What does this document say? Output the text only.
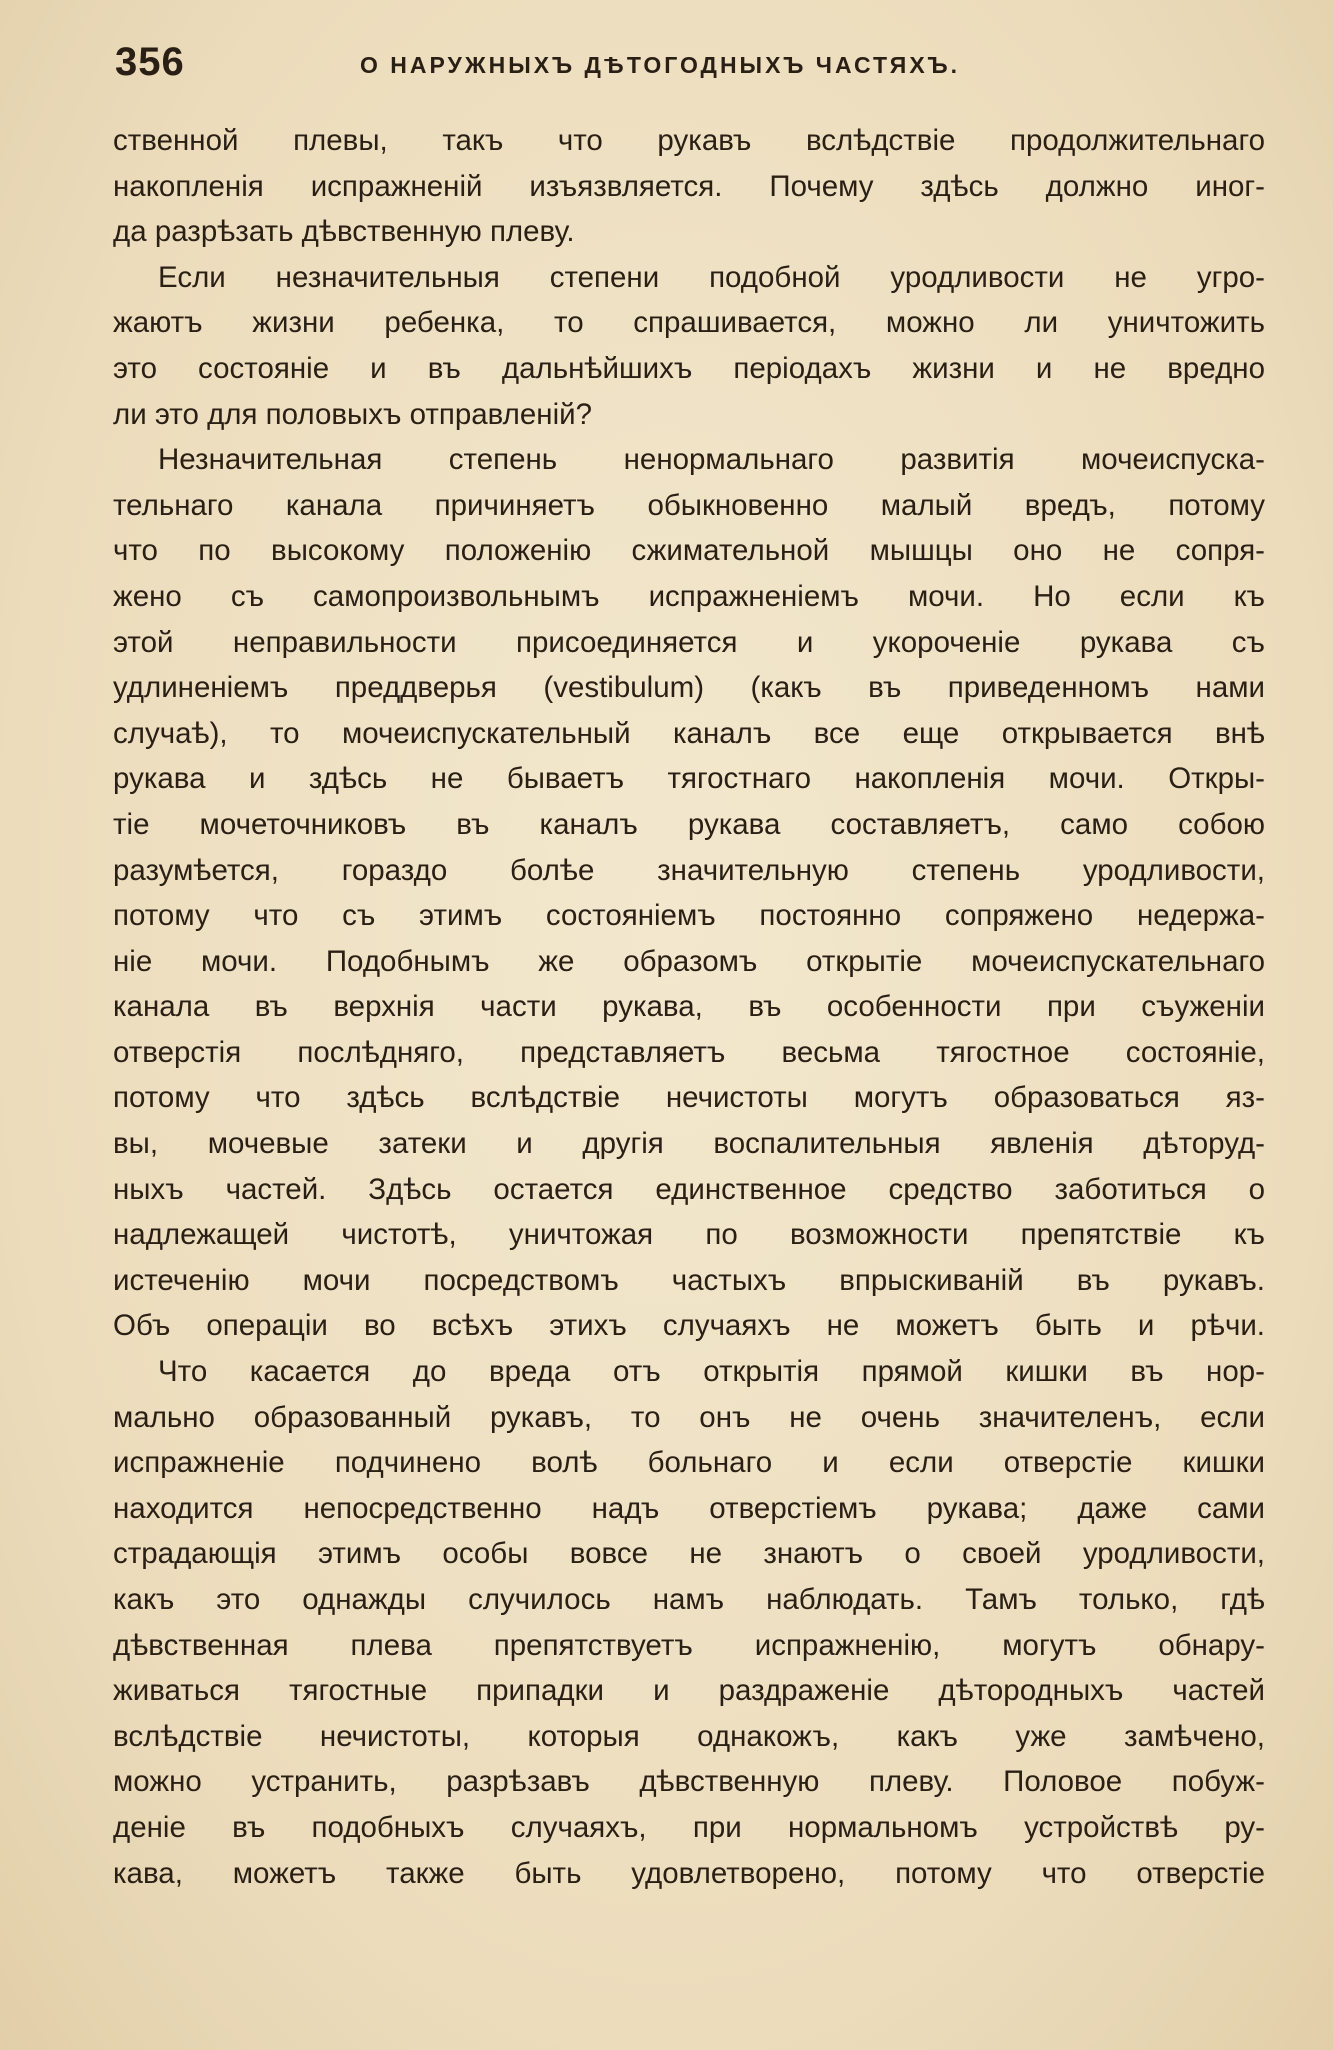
356	О НАРУЖНЫХЪ ДѢТОГОДНЫХЪ ЧАСТЯХЪ.
ственной плевы, такъ что рукавъ вслѣдствіе продолжительнаго
накопленія испражненій изъязвляется. Почему здѣсь должно иног-
да разрѣзать дѣвственную плеву.
Если незначительныя степени подобной уродливости не угро-
жаютъ жизни ребенка, то спрашивается, можно ли уничтожить
это состояніе и въ дальнѣйшихъ періодахъ жизни и не вредно
ли это для половыхъ отправленій?
Незначительная степень ненормальнаго развитія мочеиспуска-
тельнаго канала причиняетъ обыкновенно малый вредъ, потому
что по высокому положенію сжимательной мышцы оно не сопря-
жено съ самопроизвольнымъ испражненіемъ мочи. Но если къ
этой неправильности присоединяется и укороченіе рукава съ
удлиненіемъ преддверья (vestibulum) (какъ въ приведенномъ нами
случаѣ), то мочеиспускательный каналъ все еще открывается внѣ
рукава и здѣсь не бываетъ тягостнаго накопленія мочи. Откры-
тіе мочеточниковъ въ каналъ рукава составляетъ, само собою
разумѣется, гораздо болѣе значительную степень уродливости,
потому что съ этимъ состояніемъ постоянно сопряжено недержа-
ніе мочи. Подобнымъ же образомъ открытіе мочеиспускательнаго
канала въ верхнія части рукава, въ особенности при съуженіи
отверстія послѣдняго, представляетъ весьма тягостное состояніе,
потому что здѣсь вслѣдствіе нечистоты могутъ образоваться яз-
вы, мочевые затеки и другія воспалительныя явленія дѣторуд-
ныхъ частей. Здѣсь остается единственное средство заботиться о
надлежащей чистотѣ, уничтожая по возможности препятствіе къ
истеченію мочи посредствомъ частыхъ впрыскиваній въ рукавъ.
Объ операціи во всѣхъ этихъ случаяхъ не можетъ быть и рѣчи.
Что касается до вреда отъ открытія прямой кишки въ нор-
мально образованный рукавъ, то онъ не очень значителенъ, если
испражненіе подчинено волѣ больнаго и если отверстіе кишки
находится непосредственно надъ отверстіемъ рукава; даже сами
страдающія этимъ особы вовсе не знаютъ о своей уродливости,
какъ это однажды случилось намъ наблюдать. Тамъ только, гдѣ
дѣвственная плева препятствуетъ испражненію, могутъ обнару-
живаться тягостные припадки и раздраженіе дѣтородныхъ частей
вслѣдствіе нечистоты, которыя однакожъ, какъ уже замѣчено,
можно устранить, разрѣзавъ дѣвственную плеву. Половое побуж-
деніе въ подобныхъ случаяхъ, при нормальномъ устройствѣ ру-
кава, можетъ также быть удовлетворено, потому что отверстіе
